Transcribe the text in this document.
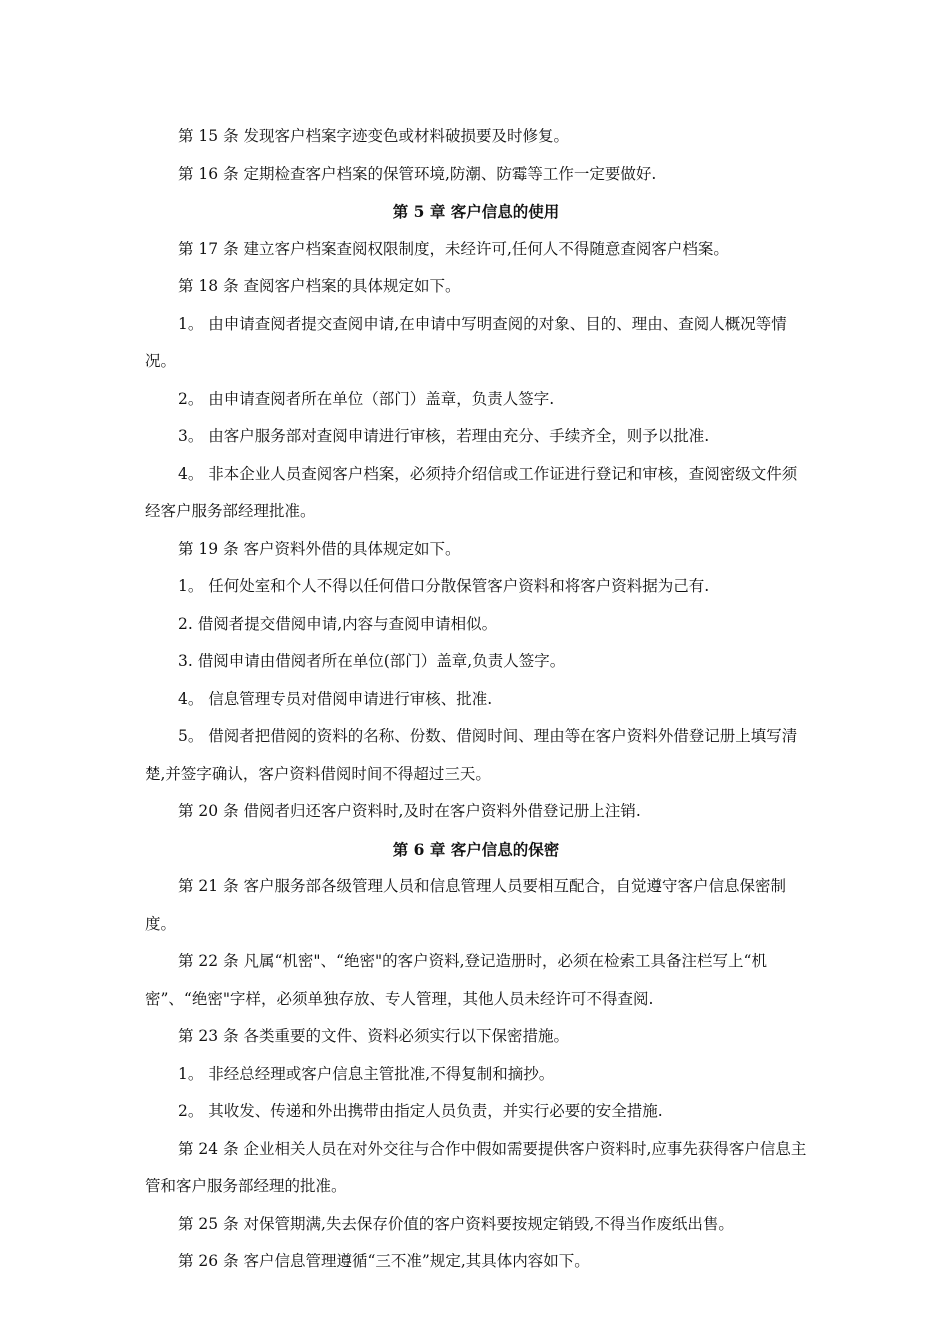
第 15 条 发现客户档案字迹变色或材料破损要及时修复。

第 16 条 定期检查客户档案的保管环境,防潮、防霉等工作一定要做好.

第 5 章 客户信息的使用

第 17 条 建立客户档案查阅权限制度，未经许可,任何人不得随意查阅客户档案。

第 18 条 查阅客户档案的具体规定如下。

1。 由申请查阅者提交查阅申请,在申请中写明查阅的对象、目的、理由、查阅人概况等情况。

2。 由申请查阅者所在单位（部门）盖章，负责人签字.

3。 由客户服务部对查阅申请进行审核，若理由充分、手续齐全，则予以批准.

4。 非本企业人员查阅客户档案，必须持介绍信或工作证进行登记和审核，查阅密级文件须经客户服务部经理批准。

第 19 条 客户资料外借的具体规定如下。

1。 任何处室和个人不得以任何借口分散保管客户资料和将客户资料据为己有.

2. 借阅者提交借阅申请,内容与查阅申请相似。

3. 借阅申请由借阅者所在单位(部门）盖章,负责人签字。

4。 信息管理专员对借阅申请进行审核、批准.

5。 借阅者把借阅的资料的名称、份数、借阅时间、理由等在客户资料外借登记册上填写清楚,并签字确认，客户资料借阅时间不得超过三天。

第 20 条 借阅者归还客户资料时,及时在客户资料外借登记册上注销.

第 6 章 客户信息的保密

第 21 条 客户服务部各级管理人员和信息管理人员要相互配合，自觉遵守客户信息保密制度。

第 22 条 凡属“机密"、“绝密"的客户资料,登记造册时，必须在检索工具备注栏写上“机密”、“绝密"字样，必须单独存放、专人管理，其他人员未经许可不得查阅.

第 23 条 各类重要的文件、资料必须实行以下保密措施。

1。 非经总经理或客户信息主管批准,不得复制和摘抄。

2。 其收发、传递和外出携带由指定人员负责，并实行必要的安全措施.

第 24 条 企业相关人员在对外交往与合作中假如需要提供客户资料时,应事先获得客户信息主管和客户服务部经理的批准。

第 25 条 对保管期满,失去保存价值的客户资料要按规定销毁,不得当作废纸出售。

第 26 条 客户信息管理遵循“三不准”规定,其具体内容如下。
